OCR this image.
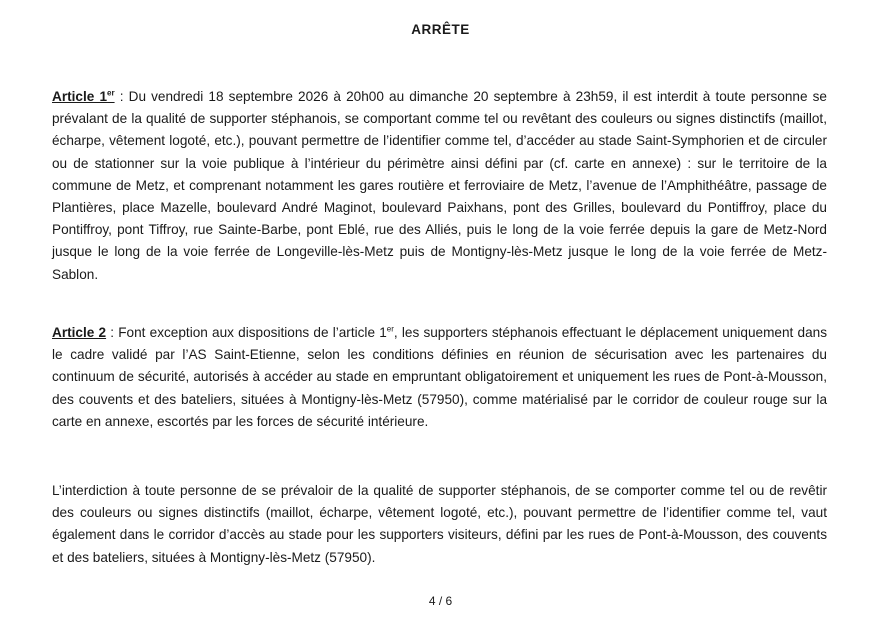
ARRÊTE
Article 1er : Du vendredi 18 septembre 2026 à 20h00 au dimanche 20 septembre à 23h59, il est interdit à toute personne se prévalant de la qualité de supporter stéphanois, se comportant comme tel ou revêtant des couleurs ou signes distinctifs (maillot, écharpe, vêtement logoté, etc.), pouvant permettre de l’identifier comme tel, d’accéder au stade Saint-Symphorien et de circuler ou de stationner sur la voie publique à l’intérieur du périmètre ainsi défini par (cf. carte en annexe) : sur le territoire de la commune de Metz, et comprenant notamment les gares routière et ferroviaire de Metz, l’avenue de l’Amphithéâtre, passage de Plantières, place Mazelle, boulevard André Maginot, boulevard Paixhans, pont des Grilles, boulevard du Pontiffroy, place du Pontiffroy, pont Tiffroy, rue Sainte-Barbe, pont Eblé, rue des Alliés, puis le long de la voie ferrée depuis la gare de Metz-Nord jusque le long de la voie ferrée de Longeville-lès-Metz puis de Montigny-lès-Metz jusque le long de la voie ferrée de Metz-Sablon.
Article 2 : Font exception aux dispositions de l’article 1er, les supporters stéphanois effectuant le déplacement uniquement dans le cadre validé par l’AS Saint-Etienne, selon les conditions définies en réunion de sécurisation avec les partenaires du continuum de sécurité, autorisés à accéder au stade en empruntant obligatoirement et uniquement les rues de Pont-à-Mousson, des couvents et des bateliers, situées à Montigny-lès-Metz (57950), comme matérialisé par le corridor de couleur rouge sur la carte en annexe, escortés par les forces de sécurité intérieure.
L’interdiction à toute personne de se prévaloir de la qualité de supporter stéphanois, de se comporter comme tel ou de revêtir des couleurs ou signes distinctifs (maillot, écharpe, vêtement logoté, etc.), pouvant permettre de l’identifier comme tel, vaut également dans le corridor d’accès au stade pour les supporters visiteurs, défini par les rues de Pont-à-Mousson, des couvents et des bateliers, situées à Montigny-lès-Metz (57950).
4 / 6
